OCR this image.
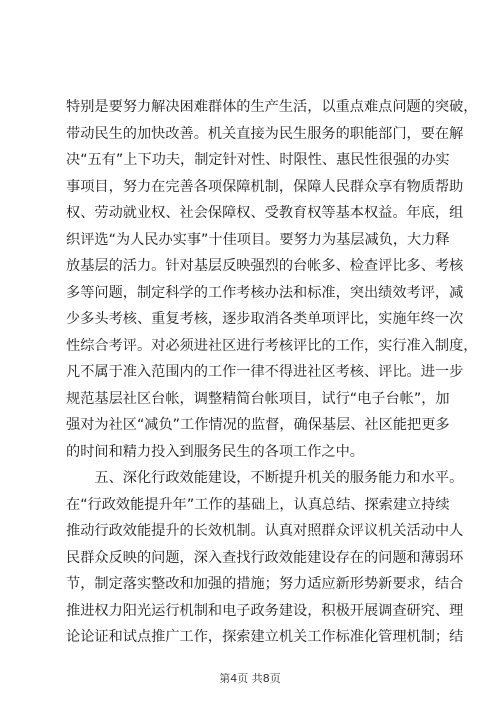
特别是要努力解决困难群体的生产生活，以重点难点问题的突破，
带动民生的加快改善。机关直接为民生服务的职能部门，要在解
决“五有”上下功夫，制定针对性、时限性、惠民性很强的办实
事项目，努力在完善各项保障机制，保障人民群众享有物质帮助
权、劳动就业权、社会保障权、受教育权等基本权益。年底，组
织评选“为人民办实事”十佳项目。要努力为基层减负，大力释
放基层的活力。针对基层反映强烈的台帐多、检查评比多、考核
多等问题，制定科学的工作考核办法和标准，突出绩效考评，减
少多头考核、重复考核，逐步取消各类单项评比，实施年终一次
性综合考评。对必须进社区进行考核评比的工作，实行准入制度，
凡不属于准入范围内的工作一律不得进社区考核、评比。进一步
规范基层社区台帐，调整精简台帐项目，试行“电子台帐”，加
强对为社区“减负”工作情况的监督，确保基层、社区能把更多
的时间和精力投入到服务民生的各项工作之中。
　　五、深化行政效能建设，不断提升机关的服务能力和水平。
在“行政效能提升年”工作的基础上，认真总结、探索建立持续
推动行政效能提升的长效机制。认真对照群众评议机关活动中人
民群众反映的问题，深入查找行政效能建设存在的问题和薄弱环
节，制定落实整改和加强的措施；努力适应新形势新要求，结合
推进权力阳光运行机制和电子政务建设，积极开展调查研究、理
论论证和试点推广工作，探索建立机关工作标准化管理机制；结
第4页 共8页
